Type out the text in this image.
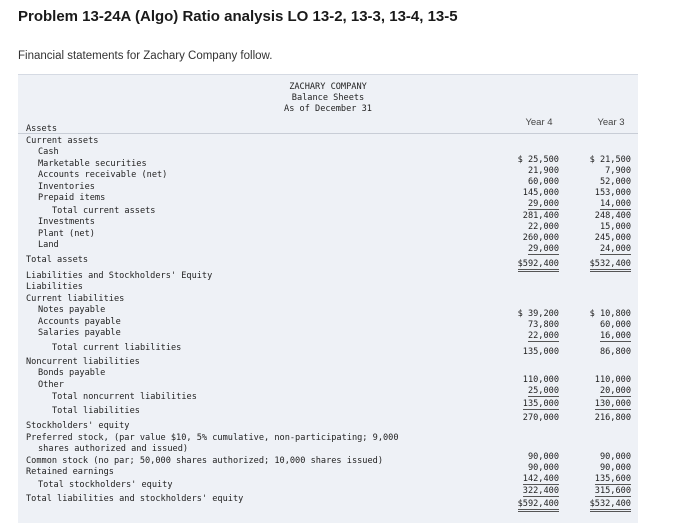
Problem 13-24A (Algo) Ratio analysis LO 13-2, 13-3, 13-4, 13-5
Financial statements for Zachary Company follow.
ZACHARY COMPANY
Balance Sheets
As of December 31
Year 4	Year 3
Assets
Current assets
Cash
Marketable securities
Accounts receivable (net)
Inventories
Prepaid items
Total current assets
Investments
Plant (net)
Land
Total assets
Liabilities and Stockholders' Equity
Liabilities
Current liabilities
Notes payable
Accounts payable
Salaries payable
Total current liabilities
Noncurrent liabilities
Bonds payable
Other
Total noncurrent liabilities
Total liabilities
Stockholders' equity
Preferred stock, (par value $10, 5% cumulative, non-participating; 9,000
shares authorized and issued)
Common stock (no par; 50,000 shares authorized; 10,000 shares issued)
Retained earnings
Total stockholders' equity
Total liabilities and stockholders' equity
$ 25,500
21,900
60,000
145,000
29,000
281,400
22,000
260,000
29,000
$592,400
$ 39,200
73,800
22,000
135,000
110,000
25,000
135,000
270,000
90,000
90,000
142,400
322,400
$592,400
$ 21,500
7,900
52,000
153,000
14,000
248,400
15,000
245,000
24,000
$532,400
$ 10,800
60,000
16,000
86,800
110,000
20,000
130,000
216,800
90,000
90,000
135,600
315,600
$532,400
